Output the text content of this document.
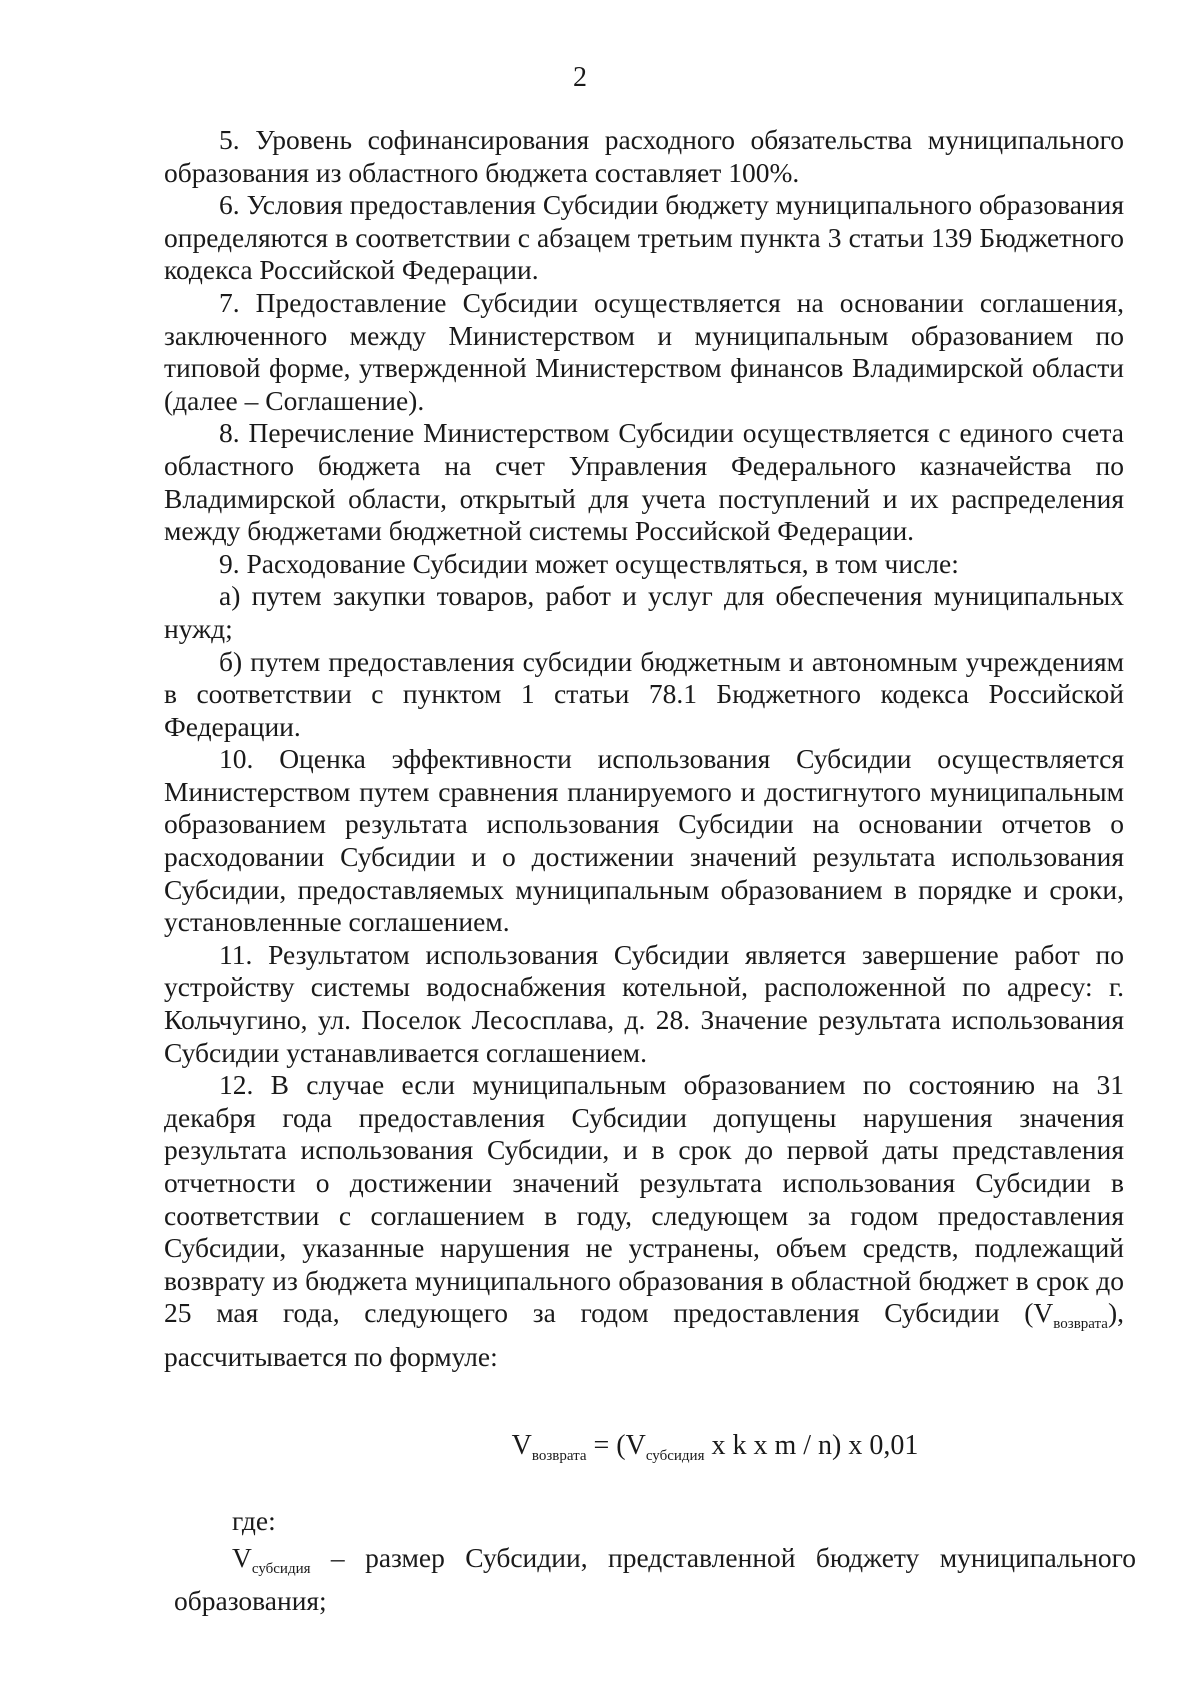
2

5. Уровень софинансирования расходного обязательства муниципального образования из областного бюджета составляет 100%.

6. Условия предоставления Субсидии бюджету муниципального образования определяются в соответствии с абзацем третьим пункта 3 статьи 139 Бюджетного кодекса Российской Федерации.

7. Предоставление Субсидии осуществляется на основании соглашения, заключенного между Министерством и муниципальным образованием по типовой форме, утвержденной Министерством финансов Владимирской области (далее – Соглашение).

8. Перечисление Министерством Субсидии осуществляется с единого счета областного бюджета на счет Управления Федерального казначейства по Владимирской области, открытый для учета поступлений и их распределения между бюджетами бюджетной системы Российской Федерации.

9. Расходование Субсидии может осуществляться, в том числе:

а) путем закупки товаров, работ и услуг для обеспечения муниципальных нужд;

б) путем предоставления субсидии бюджетным и автономным учреждениям в соответствии с пунктом 1 статьи 78.1 Бюджетного кодекса Российской Федерации.

10. Оценка эффективности использования Субсидии осуществляется Министерством путем сравнения планируемого и достигнутого муниципальным образованием результата использования Субсидии на основании отчетов о расходовании Субсидии и о достижении значений результата использования Субсидии, предоставляемых муниципальным образованием в порядке и сроки, установленные соглашением.

11. Результатом использования Субсидии является завершение работ по устройству системы водоснабжения котельной, расположенной по адресу: г. Кольчугино, ул. Поселок Лесосплава, д. 28. Значение результата использования Субсидии устанавливается соглашением.

12. В случае если муниципальным образованием по состоянию на 31 декабря года предоставления Субсидии допущены нарушения значения результата использования Субсидии, и в срок до первой даты представления отчетности о достижении значений результата использования Субсидии в соответствии с соглашением в году, следующем за годом предоставления Субсидии, указанные нарушения не устранены, объем средств, подлежащий возврату из бюджета муниципального образования в областной бюджет в срок до 25 мая года, следующего за годом предоставления Субсидии $(V_{возврата})$, рассчитывается по формуле:

$V_{возврата} = (V_{субсидия}$ x k x m / n) x 0,01

где:

$V_{субсидия}$ – размер Субсидии, представленной бюджету муниципального образования;
